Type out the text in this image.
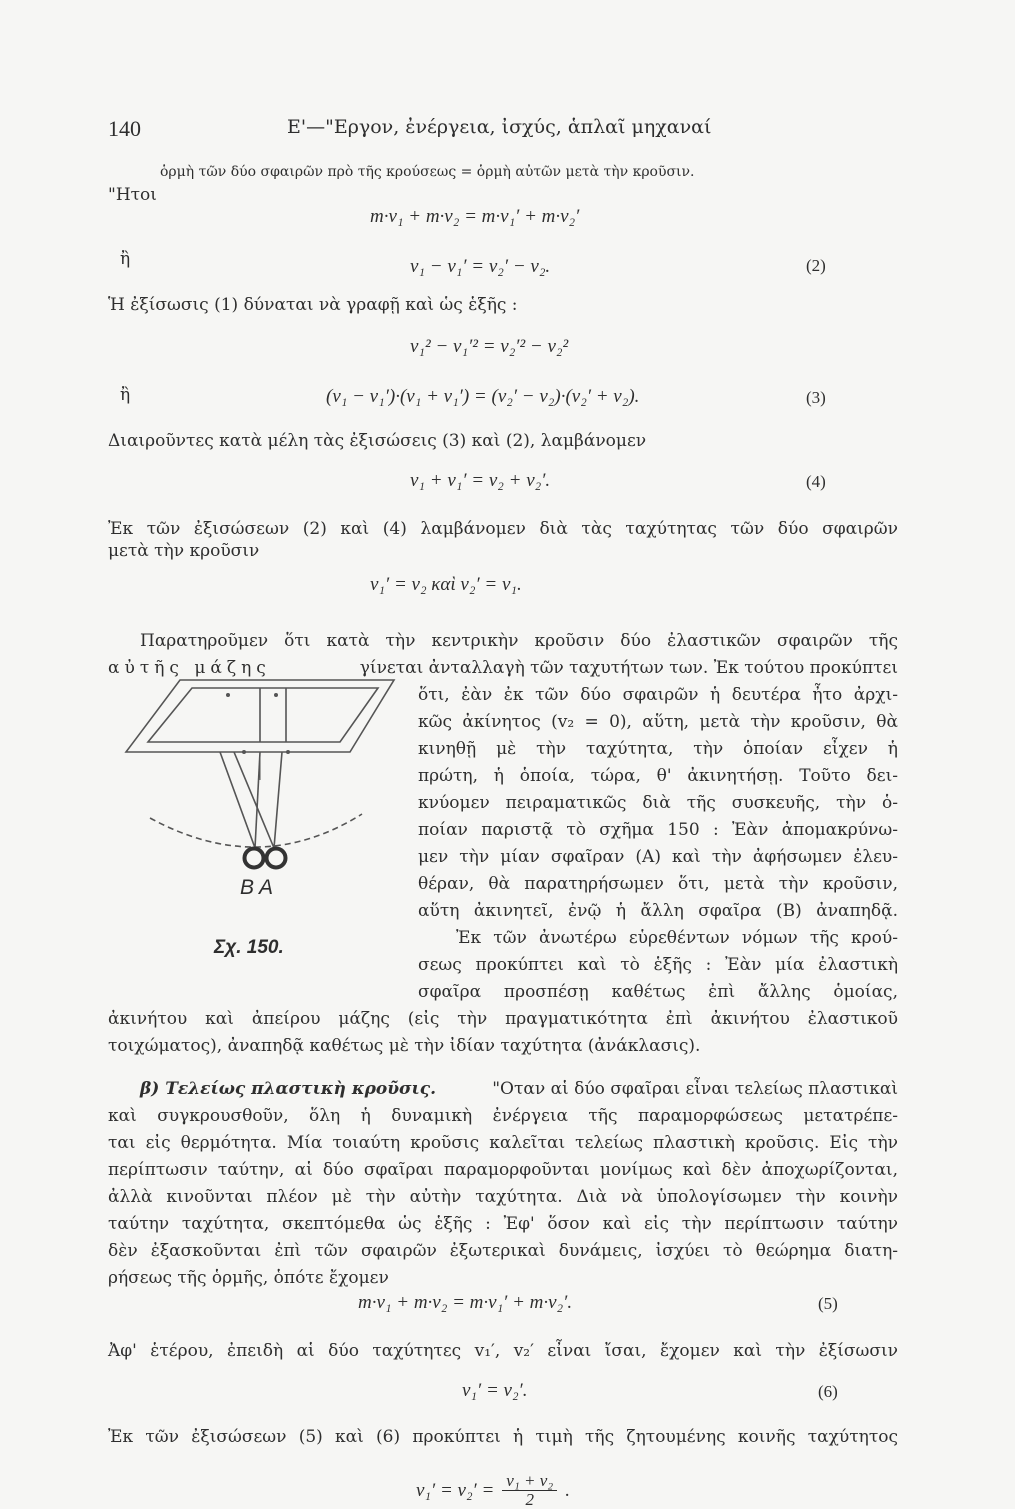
140	Ε'—"Εργον, ἐνέργεια, ἰσχύς, ἁπλαῖ μηχαναί
ὁρμὴ τῶν δύο σφαιρῶν πρὸ τῆς κρούσεως = ὁρμὴ αὐτῶν μετὰ τὴν κροῦσιν.
"Ητοι
m·v₁ + m·v₂ = m·v₁′ + m·v₂′
ἢ	v₁ − v₁′ = v₂′ − v₂.	(2)
Ἡ ἐξίσωσις (1) δύναται νὰ γραφῇ καὶ ὡς ἑξῆς :
v₁² − v₁′² = v₂′² − v₂²
ἢ	(v₁ − v₁′)·(v₁ + v₁′) = (v₂′ − v₂)·(v₂′ + v₂).	(3)
Διαιροῦντες κατὰ μέλη τὰς ἐξισώσεις (3) καὶ (2), λαμβάνομεν
v₁ + v₁′ = v₂ + v₂′.	(4)
Ἐκ τῶν ἐξισώσεων (2) καὶ (4) λαμβάνομεν διὰ τὰς ταχύτητας τῶν δύο σφαιρῶν
μετὰ τὴν κροῦσιν
v₁′ = v₂ καὶ v₂′ = v₁.
Παρατηροῦμεν ὅτι κατὰ τὴν κεντρικὴν κροῦσιν δύο ἐλαστικῶν σφαιρῶν τῆς
αὐτῆς μάζης	γίνεται ἀνταλλαγὴ τῶν ταχυτήτων των. Ἐκ τούτου προκύπτει
ὅτι, ἐὰν ἐκ τῶν δύο σφαιρῶν ἡ δευτέρα ἦτο ἀρχι-
κῶς ἀκίνητος (v₂ = 0), αὕτη, μετὰ τὴν κροῦσιν, θὰ
κινηθῇ μὲ τὴν ταχύτητα, τὴν ὁποίαν εἶχεν ἡ
πρώτη, ἡ ὁποία, τώρα, θ' ἀκινητήσῃ. Τοῦτο δει-
κνύομεν πειραματικῶς διὰ τῆς συσκευῆς, τὴν ὁ-
ποίαν παριστᾷ τὸ σχῆμα 150 : Ἐὰν ἀπομακρύνω-
μεν τὴν μίαν σφαῖραν (A) καὶ τὴν ἀφήσωμεν ἐλευ-
θέραν, θὰ παρατηρήσωμεν ὅτι, μετὰ τὴν κροῦσιν,
αὕτη ἀκινητεῖ, ἐνῷ ἡ ἄλλη σφαῖρα (B) ἀναπηδᾷ.
Ἐκ τῶν ἀνωτέρω εὑρεθέντων νόμων τῆς κρού-
σεως προκύπτει καὶ τὸ ἑξῆς : Ἐὰν μία ἐλαστικὴ
σφαῖρα προσπέσῃ καθέτως ἐπὶ ἄλλης ὁμοίας,
B A
Σχ. 150.
ἀκινήτου καὶ ἀπείρου μάζης (εἰς τὴν πραγματικότητα ἐπὶ ἀκινήτου ἐλαστικοῦ
τοιχώματος), ἀναπηδᾷ καθέτως μὲ τὴν ἰδίαν ταχύτητα (ἀνάκλασις).
β) Τελείως πλαστικὴ κροῦσις.	"Οταν αἱ δύο σφαῖραι εἶναι τελείως πλαστικαὶ
καὶ συγκρουσθοῦν, ὅλη ἡ δυναμικὴ ἐνέργεια τῆς παραμορφώσεως μετατρέπε-
ται εἰς θερμότητα. Μία τοιαύτη κροῦσις καλεῖται τελείως πλαστικὴ κροῦσις. Εἰς τὴν
περίπτωσιν ταύτην, αἱ δύο σφαῖραι παραμορφοῦνται μονίμως καὶ δὲν ἀποχωρίζονται,
ἀλλὰ κινοῦνται πλέον μὲ τὴν αὐτὴν ταχύτητα. Διὰ νὰ ὑπολογίσωμεν τὴν κοινὴν
ταύτην ταχύτητα, σκεπτόμεθα ὡς ἑξῆς : Ἐφ' ὅσον καὶ εἰς τὴν περίπτωσιν ταύτην
δὲν ἐξασκοῦνται ἐπὶ τῶν σφαιρῶν ἐξωτερικαὶ δυνάμεις, ἰσχύει τὸ θεώρημα διατη-
ρήσεως τῆς ὁρμῆς, ὁπότε ἔχομεν
m·v₁ + m·v₂ = m·v₁′ + m·v₂′.	(5)
Ἀφ' ἑτέρου, ἐπειδὴ αἱ δύο ταχύτητες v₁′, v₂′ εἶναι ἴσαι, ἔχομεν καὶ τὴν ἐξίσωσιν
v₁′ = v₂′.	(6)
Ἐκ τῶν ἐξισώσεων (5) καὶ (6) προκύπτει ἡ τιμὴ τῆς ζητουμένης κοινῆς ταχύτητος
$v_1' = v_2' = \frac{\text{v₁ + v₂}}{2}$ .
